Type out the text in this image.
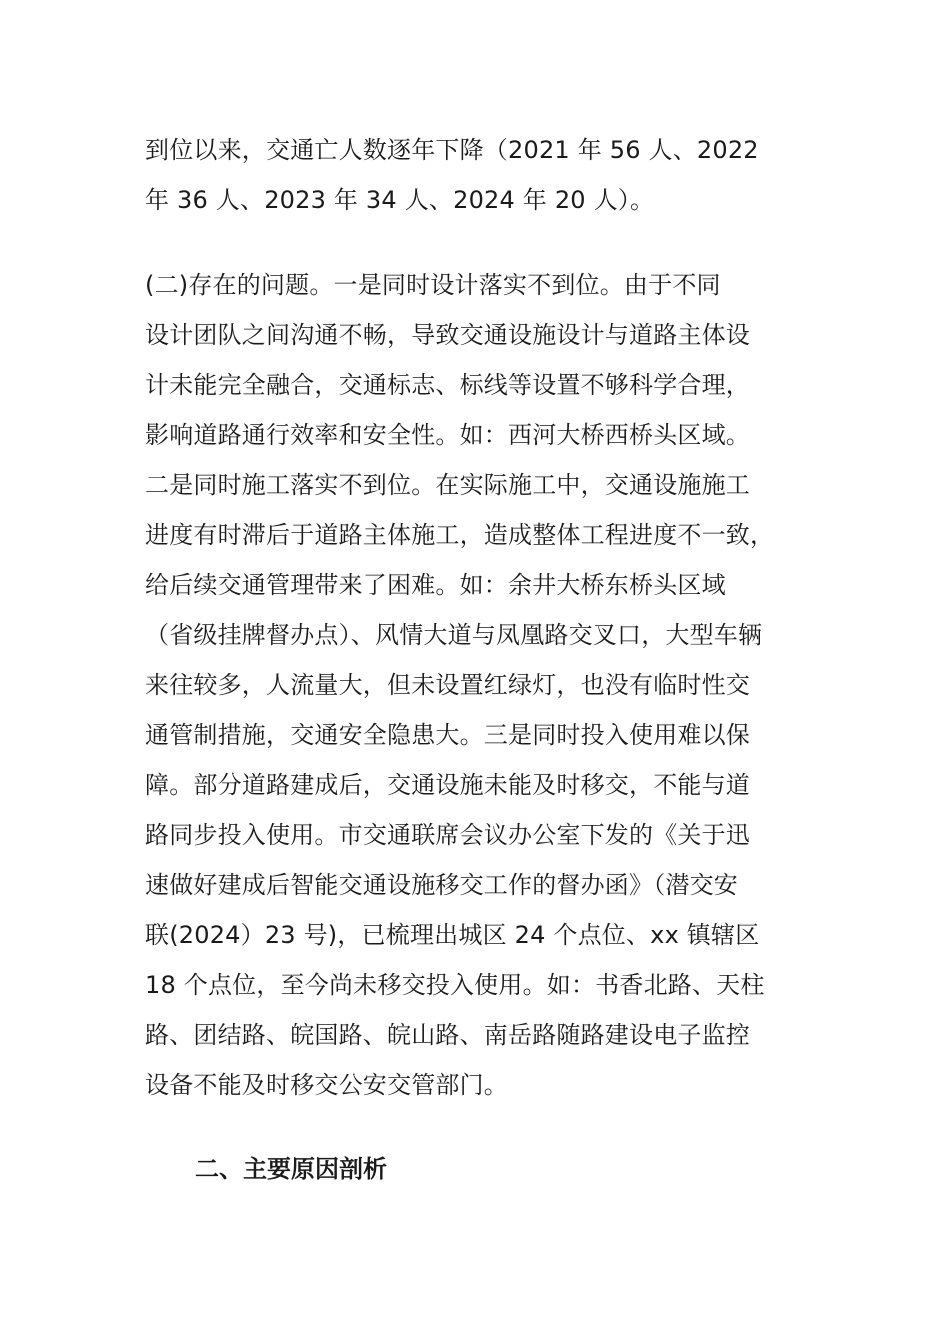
到位以来，交通亡人数逐年下降（2021 年 56 人、2022
年 36 人、2023 年 34 人、2024 年 20 人）。
(二)存在的问题。一是同时设计落实不到位。由于不同
设计团队之间沟通不畅，导致交通设施设计与道路主体设
计未能完全融合，交通标志、标线等设置不够科学合理，
影响道路通行效率和安全性。如：西河大桥西桥头区域。
二是同时施工落实不到位。在实际施工中，交通设施施工
进度有时滞后于道路主体施工，造成整体工程进度不一致，
给后续交通管理带来了困难。如：余井大桥东桥头区域
（省级挂牌督办点）、风情大道与凤凰路交叉口，大型车辆
来往较多，人流量大，但未设置红绿灯，也没有临时性交
通管制措施，交通安全隐患大。三是同时投入使用难以保
障。部分道路建成后，交通设施未能及时移交，不能与道
路同步投入使用。市交通联席会议办公室下发的《关于迅
速做好建成后智能交通设施移交工作的督办函》（潜交安
联(2024）23 号)，已梳理出城区 24 个点位、xx 镇辖区
18 个点位，至今尚未移交投入使用。如：书香北路、天柱
路、团结路、皖国路、皖山路、南岳路随路建设电子监控
设备不能及时移交公安交管部门。
二、主要原因剖析
